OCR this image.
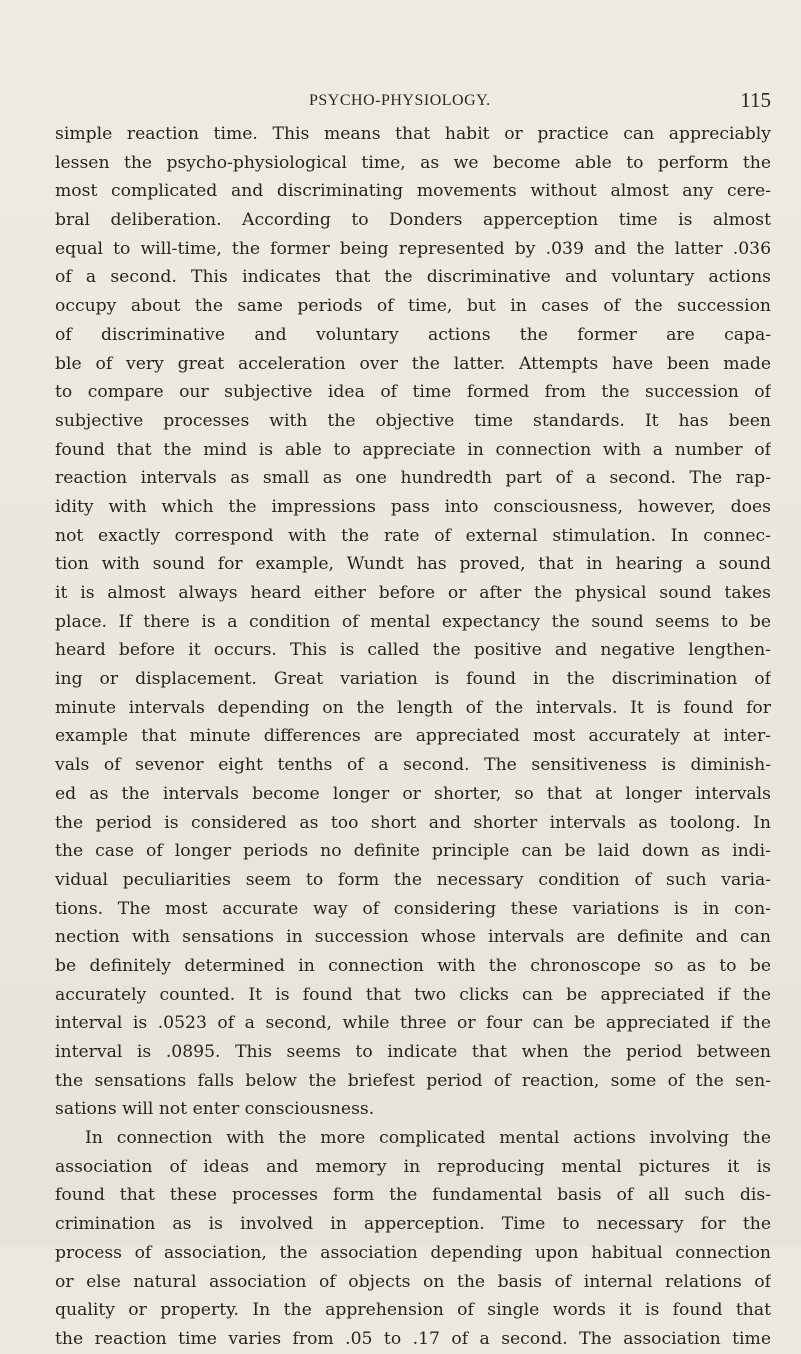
PSYCHO-PHYSIOLOGY.	115
simple reaction time. This means that habit or practice can appreciably
lessen the psycho-physiological time, as we become able to perform the
most complicated and discriminating movements without almost any cere-
bral deliberation. According to Donders apperception time is almost
equal to will-time, the former being represented by .039 and the latter .036
of a second. This indicates that the discriminative and voluntary actions
occupy about the same periods of time, but in cases of the succession
of discriminative and voluntary actions the former are capa-
ble of very great acceleration over the latter. Attempts have been made
to compare our subjective idea of time formed from the succession of
subjective processes with the objective time standards. It has been
found that the mind is able to appreciate in connection with a number of
reaction intervals as small as one hundredth part of a second. The rap-
idity with which the impressions pass into consciousness, however, does
not exactly correspond with the rate of external stimulation. In connec-
tion with sound for example, Wundt has proved, that in hearing a sound
it is almost always heard either before or after the physical sound takes
place. If there is a condition of mental expectancy the sound seems to be
heard before it occurs. This is called the positive and negative lengthen-
ing or displacement. Great variation is found in the discrimination of
minute intervals depending on the length of the intervals. It is found for
example that minute differences are appreciated most accurately at inter-
vals of sevenor eight tenths of a second. The sensitiveness is diminish-
ed as the intervals become longer or shorter, so that at longer intervals
the period is considered as too short and shorter intervals as toolong. In
the case of longer periods no definite principle can be laid down as indi-
vidual peculiarities seem to form the necessary condition of such varia-
tions. The most accurate way of considering these variations is in con-
nection with sensations in succession whose intervals are definite and can
be definitely determined in connection with the chronoscope so as to be
accurately counted. It is found that two clicks can be appreciated if the
interval is .0523 of a second, while three or four can be appreciated if the
interval is .0895. This seems to indicate that when the period between
the sensations falls below the briefest period of reaction, some of the sen-
sations will not enter consciousness.
In connection with the more complicated mental actions involving the
association of ideas and memory in reproducing mental pictures it is
found that these processes form the fundamental basis of all such dis-
crimination as is involved in apperception. Time to necessary for the
process of association, the association depending upon habitual connection
or else natural association of objects on the basis of internal relations of
quality or property. In the apprehension of single words it is found that
the reaction time varies from .05 to .17 of a second. The association time
